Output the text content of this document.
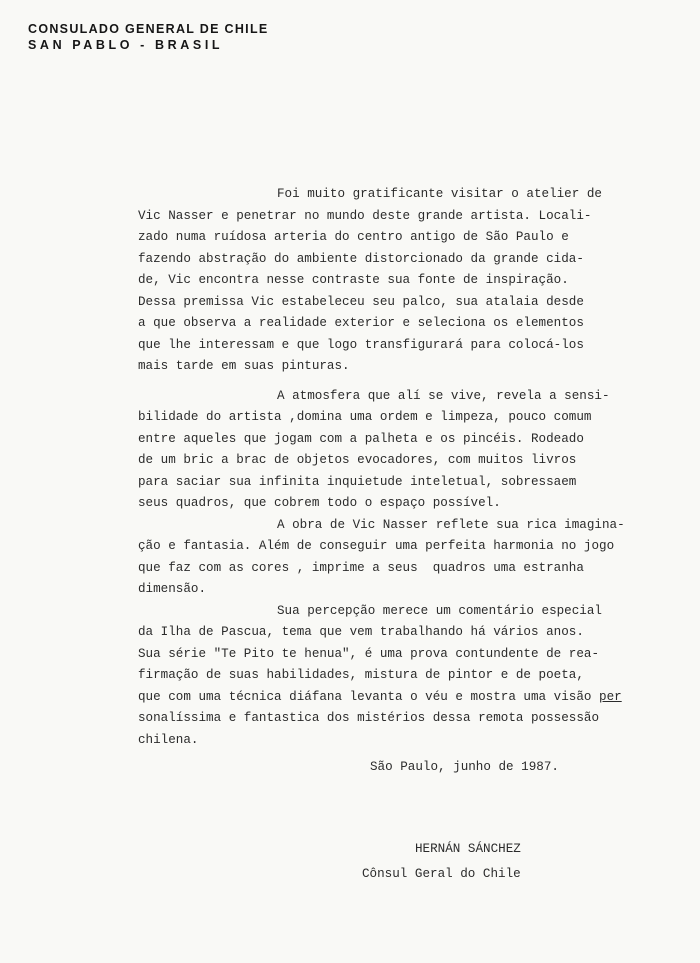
CONSULADO GENERAL DE CHILE
SAN PABLO - BRASIL
Foi muito gratificante visitar o atelier de
Vic Nasser e penetrar no mundo deste grande artista. Locali-
zado numa ruídosa arteria do centro antigo de São Paulo e
fazendo abstração do ambiente distorcionado da grande cida-
de, Vic encontra nesse contraste sua fonte de inspiração.
Dessa premissa Vic estabeleceu seu palco, sua atalaia desde
a que observa a realidade exterior e seleciona os elementos
que lhe interessam e que logo transfigurará para colocá-los
mais tarde em suas pinturas.
A atmosfera que alí se vive, revela a sensi-
bilidade do artista ,domina uma ordem e limpeza, pouco comum
entre aqueles que jogam com a palheta e os pincéis. Rodeado
de um bric a brac de objetos evocadores, com muitos livros
para saciar sua infinita inquietude inteletual, sobressaem
seus quadros, que cobrem todo o espaço possível.
A obra de Vic Nasser reflete sua rica imagina-
ção e fantasia. Além de conseguir uma perfeita harmonia no jogo
que faz com as cores , imprime a seus  quadros uma estranha
dimensão.
Sua percepção merece um comentário especial
da Ilha de Pascua, tema que vem trabalhando há vários anos.
Sua série "Te Pito te henua", é uma prova contundente de rea-
firmação de suas habilidades, mistura de pintor e de poeta,
que com uma técnica diáfana levanta o véu e mostra uma visão per
sonalíssima e fantastica dos mistérios dessa remota possessão
chilena.
São Paulo, junho de 1987.
HERNÁN SÁNCHEZ
Cônsul Geral do Chile
